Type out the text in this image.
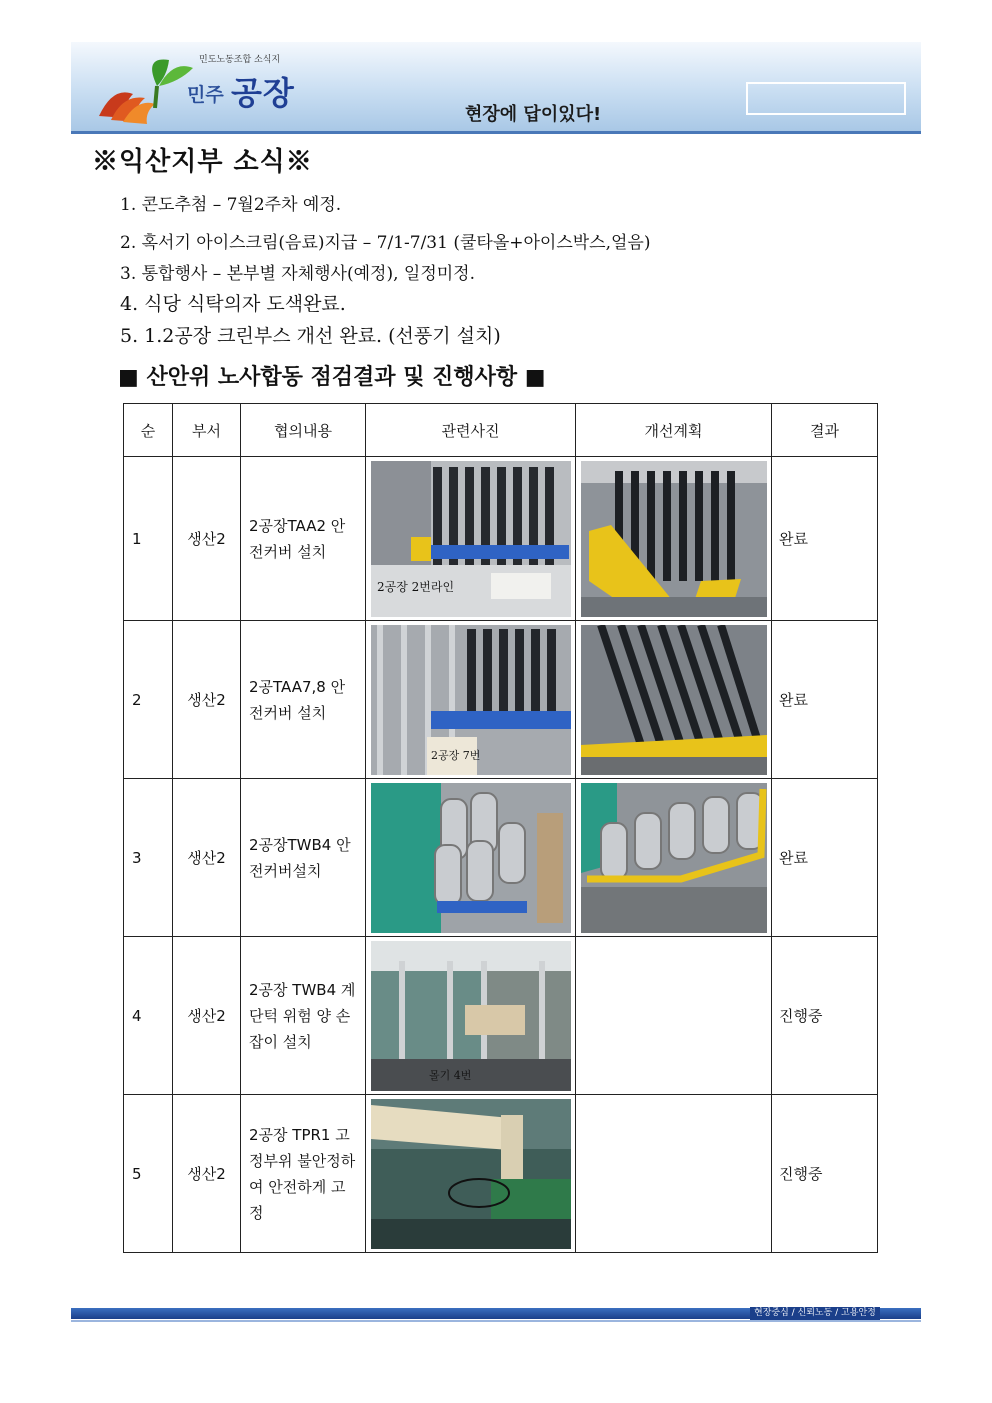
민도노동조합 소식지
민주 공장
현장에 답이있다!
※익산지부 소식※
1. 콘도추첨 – 7월2주차 예정.
2. 혹서기 아이스크림(음료)지급 – 7/1-7/31 (쿨타올+아이스박스,얼음)
3. 통합행사 – 본부별 자체행사(예정), 일정미정.
4. 식당 식탁의자 도색완료.
5. 1.2공장 크린부스 개선 완료. (선풍기 설치)
■ 산안위 노사합동 점검결과 및 진행사항 ■
순	부서	협의내용	관련사진	개선계획	결과
1	생산2	2공장TAA2 안전커버 설치	2공장 2번라인		완료
2	생산2	2공TAA7,8 안전커버 설치	2공장 7번		완료
3	생산2	2공장TWB4 안전커버설치			완료
4	생산2	2공장 TWB4 계단턱 위험 양 손잡이 설치	몰기 4번		진행중
5	생산2	2공장 TPR1 고정부위 불안정하여 안전하게 고정			진행중
현장중심 / 신뢰노동 / 고용안정
